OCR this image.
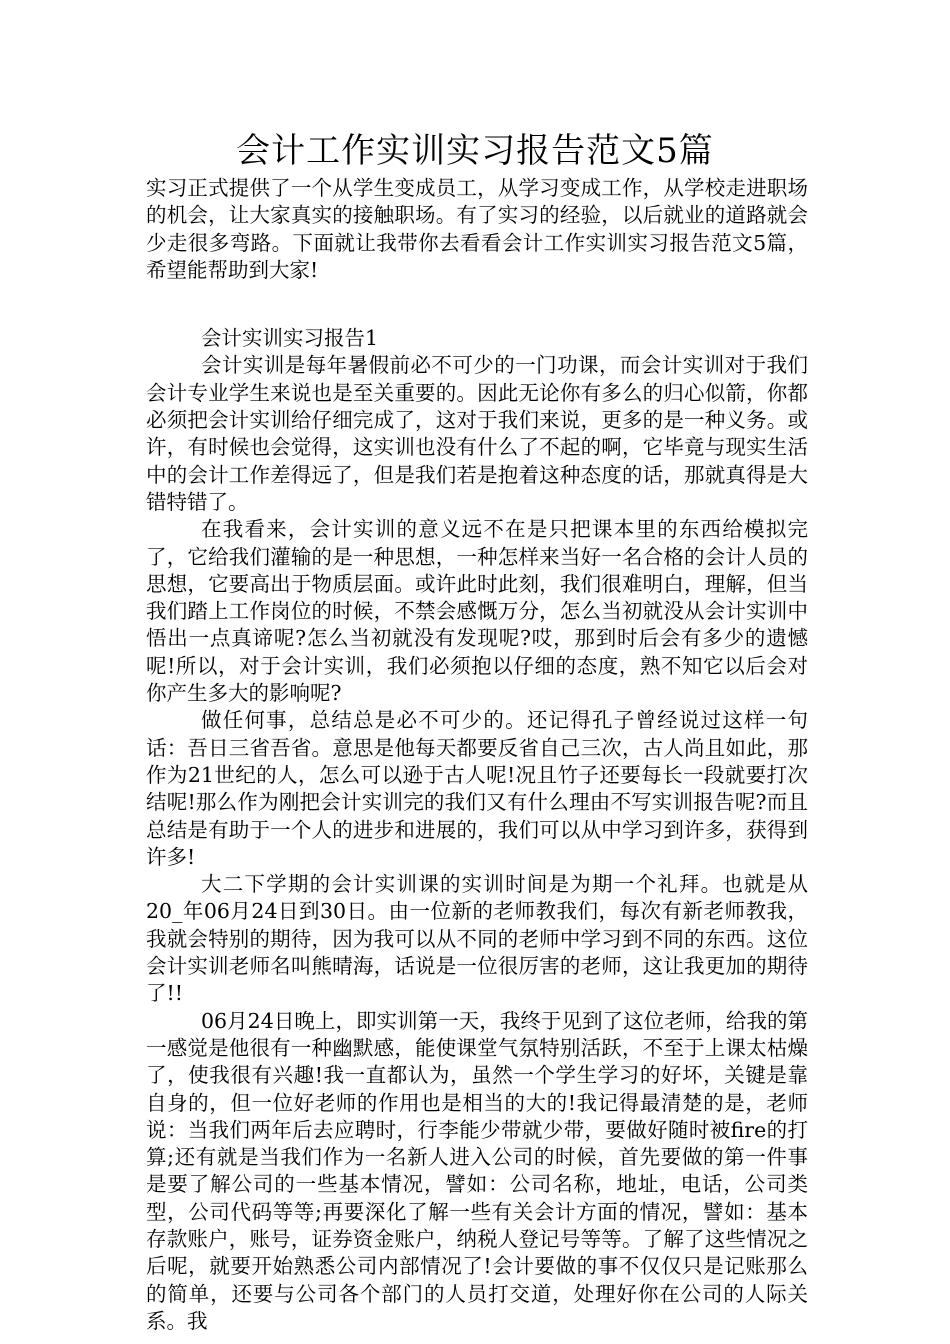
会计工作实训实习报告范文5篇

实习正式提供了一个从学生变成员工，从学习变成工作，从学校走进职场的机会，让大家真实的接触职场。有了实习的经验，以后就业的道路就会少走很多弯路。下面就让我带你去看看会计工作实训实习报告范文5篇，希望能帮助到大家!

会计实训实习报告1

会计实训是每年暑假前必不可少的一门功课，而会计实训对于我们会计专业学生来说也是至关重要的。因此无论你有多么的归心似箭，你都必须把会计实训给仔细完成了，这对于我们来说，更多的是一种义务。或许，有时候也会觉得，这实训也没有什么了不起的啊，它毕竟与现实生活中的会计工作差得远了，但是我们若是抱着这种态度的话，那就真得是大错特错了。

在我看来，会计实训的意义远不在是只把课本里的东西给模拟完了，它给我们灌输的是一种思想，一种怎样来当好一名合格的会计人员的思想，它要高出于物质层面。或许此时此刻，我们很难明白，理解，但当我们踏上工作岗位的时候，不禁会感慨万分，怎么当初就没从会计实训中悟出一点真谛呢?怎么当初就没有发现呢?哎，那到时后会有多少的遗憾呢!所以，对于会计实训，我们必须抱以仔细的态度，熟不知它以后会对你产生多大的影响呢?

做任何事，总结总是必不可少的。还记得孔子曾经说过这样一句话：吾日三省吾省。意思是他每天都要反省自己三次，古人尚且如此，那作为21世纪的人，怎么可以逊于古人呢!况且竹子还要每长一段就要打次结呢!那么作为刚把会计实训完的我们又有什么理由不写实训报告呢?而且总结是有助于一个人的进步和进展的，我们可以从中学习到许多，获得到许多!

大二下学期的会计实训课的实训时间是为期一个礼拜。也就是从20_年06月24日到30日。由一位新的老师教我们，每次有新老师教我，我就会特别的期待，因为我可以从不同的老师中学习到不同的东西。这位会计实训老师名叫熊晴海，话说是一位很厉害的老师，这让我更加的期待了!!

06月24日晚上，即实训第一天，我终于见到了这位老师，给我的第一感觉是他很有一种幽默感，能使课堂气氛特别活跃，不至于上课太枯燥了，使我很有兴趣!我一直都认为，虽然一个学生学习的好坏，关键是靠自身的，但一位好老师的作用也是相当的大的!我记得最清楚的是，老师说：当我们两年后去应聘时，行李能少带就少带，要做好随时被fire的打算;还有就是当我们作为一名新人进入公司的时候，首先要做的第一件事是要了解公司的一些基本情况，譬如：公司名称，地址，电话，公司类型，公司代码等等;再要深化了解一些有关会计方面的情况，譬如：基本存款账户，账号，证券资金账户，纳税人登记号等等。了解了这些情况之后呢，就要开始熟悉公司内部情况了!会计要做的事不仅仅只是记账那么的简单，还要与公司各个部门的人员打交道，处理好你在公司的人际关系。我
